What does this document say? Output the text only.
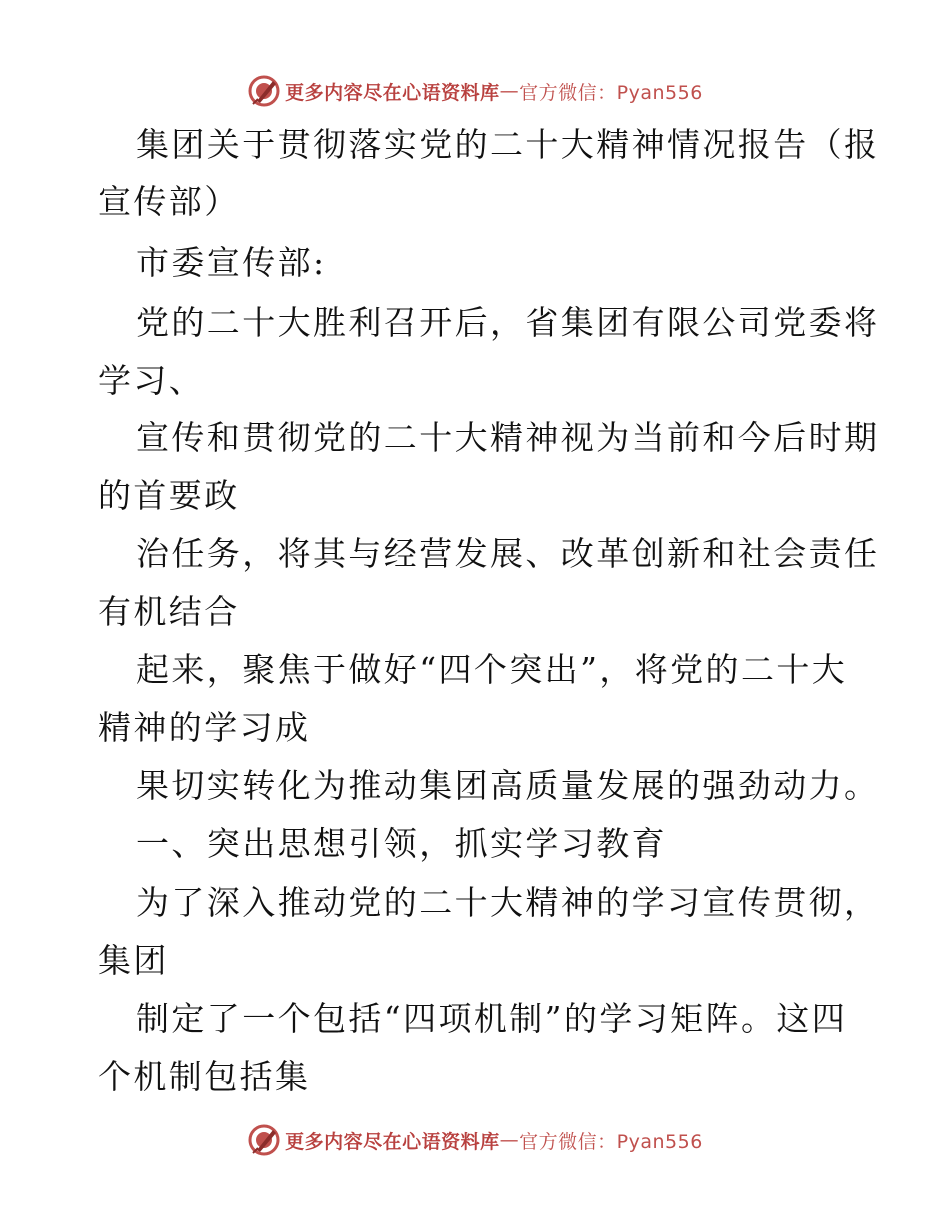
更多内容尽在心语资料库 — 官方微信：Pyan556
集团关于贯彻落实党的二十大精神情况报告（报
宣传部）
市委宣传部:
党的二十大胜利召开后，省集团有限公司党委将
学习、
宣传和贯彻党的二十大精神视为当前和今后时期
的首要政
治任务，将其与经营发展、改革创新和社会责任
有机结合
起来，聚焦于做好“四个突出”，将党的二十大
精神的学习成
果切实转化为推动集团高质量发展的强劲动力。
一、突出思想引领，抓实学习教育
为了深入推动党的二十大精神的学习宣传贯彻，
集团
制定了一个包括“四项机制”的学习矩阵。这四
个机制包括集
更多内容尽在心语资料库 — 官方微信：Pyan556
